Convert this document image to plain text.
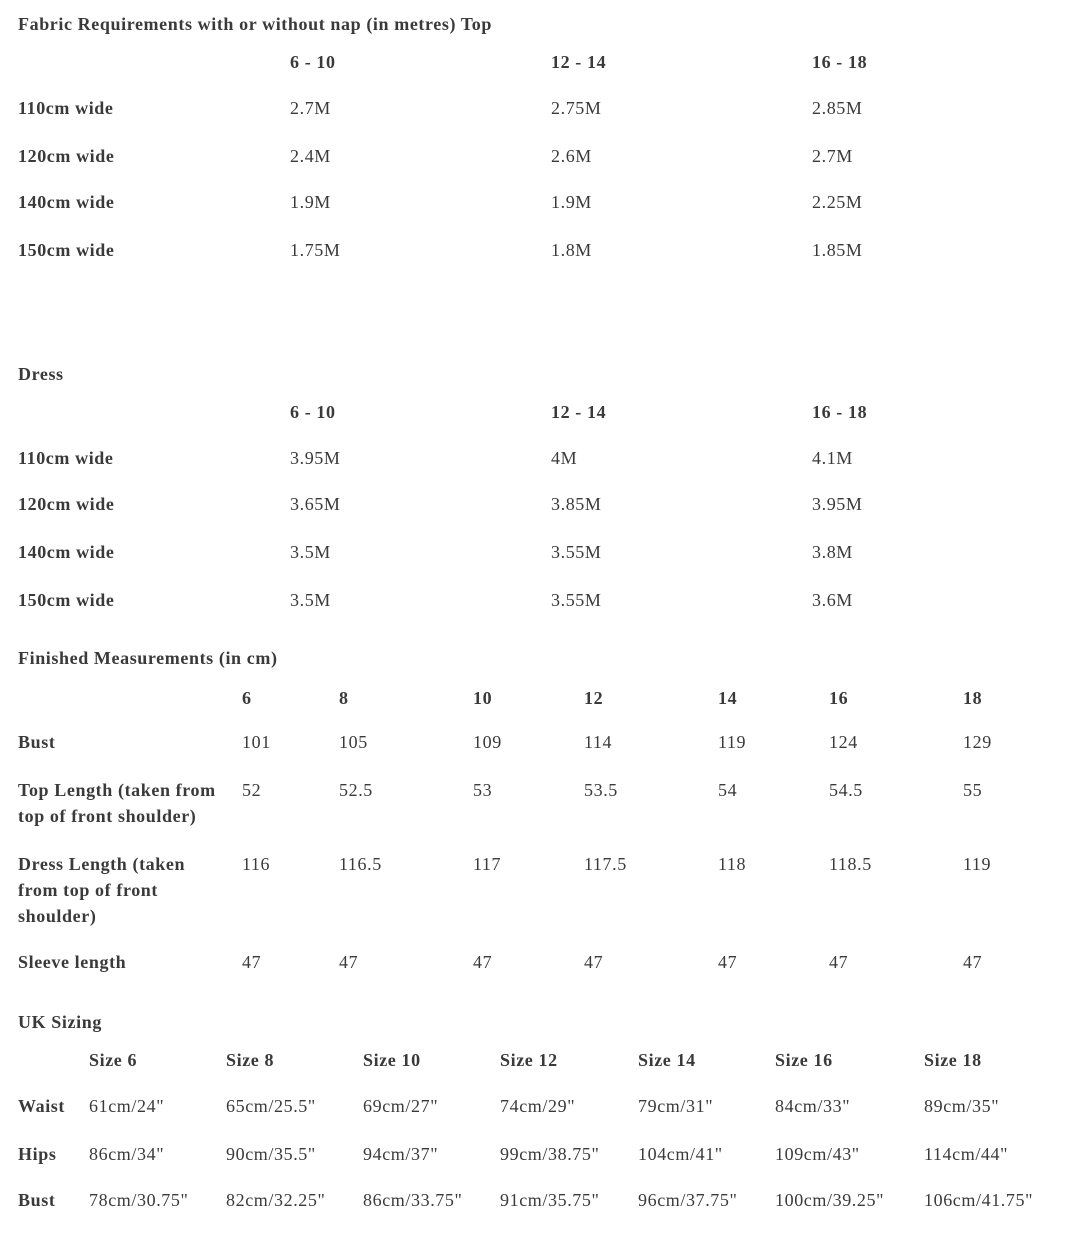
Fabric Requirements with or without nap (in metres) Top
6 - 10	12 - 14	16 - 18
110cm wide	2.7M	2.75M	2.85M
120cm wide	2.4M	2.6M	2.7M
140cm wide	1.9M	1.9M	2.25M
150cm wide	1.75M	1.8M	1.85M
Dress
6 - 10	12 - 14	16 - 18
110cm wide	3.95M	4M	4.1M
120cm wide	3.65M	3.85M	3.95M
140cm wide	3.5M	3.55M	3.8M
150cm wide	3.5M	3.55M	3.6M
Finished Measurements (in cm)
6	8	10	12	14	16	18
Bust	101	105	109	114	119	124	129
Top Length (taken from top of front shoulder)
52	52.5	53	53.5	54	54.5	55
Dress Length (taken from top of front shoulder)
116	116.5	117	117.5	118	118.5	119
Sleeve length	47	47	47	47	47	47	47
UK Sizing
Size 6	Size 8	Size 10	Size 12	Size 14	Size 16	Size 18
Waist 61cm/24"	65cm/25.5"	69cm/27"	74cm/29"	79cm/31"	84cm/33"	89cm/35"
Hips 86cm/34"	90cm/35.5"	94cm/37"	99cm/38.75" 104cm/41"	109cm/43"	114cm/44"
Bust 78cm/30.75" 82cm/32.25" 86cm/33.75" 91cm/35.75" 96cm/37.75" 100cm/39.25" 106cm/41.75"
